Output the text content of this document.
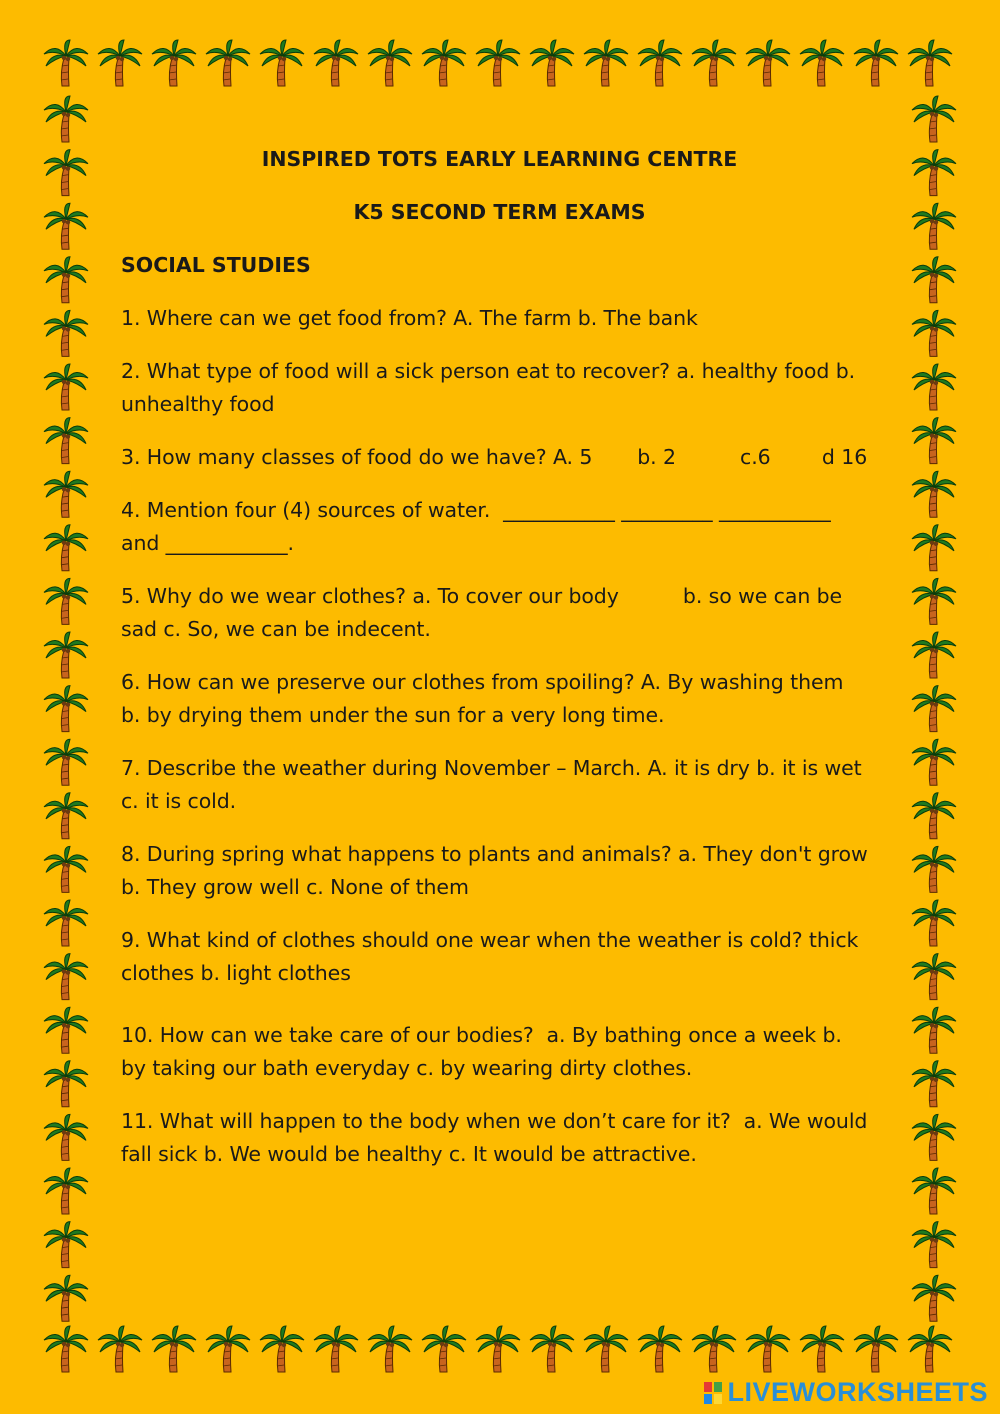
INSPIRED TOTS EARLY LEARNING CENTRE
K5 SECOND TERM EXAMS
SOCIAL STUDIES
1. Where can we get food from? A. The farm b. The bank
2. What type of food will a sick person eat to recover? a. healthy food b. unhealthy food
3. How many classes of food do we have? A. 5       b. 2          c.6        d 16
4. Mention four (4) sources of water.  ___________ _________ ___________     and ____________.
5. Why do we wear clothes? a. To cover our body          b. so we can be sad c. So, we can be indecent.
6. How can we preserve our clothes from spoiling? A. By washing them    b. by drying them under the sun for a very long time.
7. Describe the weather during November – March. A. it is dry b. it is wet c. it is cold.
8. During spring what happens to plants and animals? a. They don't grow b. They grow well c. None of them
9. What kind of clothes should one wear when the weather is cold? thick clothes b. light clothes
10. How can we take care of our bodies?  a. By bathing once a week b. by taking our bath everyday c. by wearing dirty clothes.
11. What will happen to the body when we don’t care for it?  a. We would fall sick b. We would be healthy c. It would be attractive.
LIVEWORKSHEETS
